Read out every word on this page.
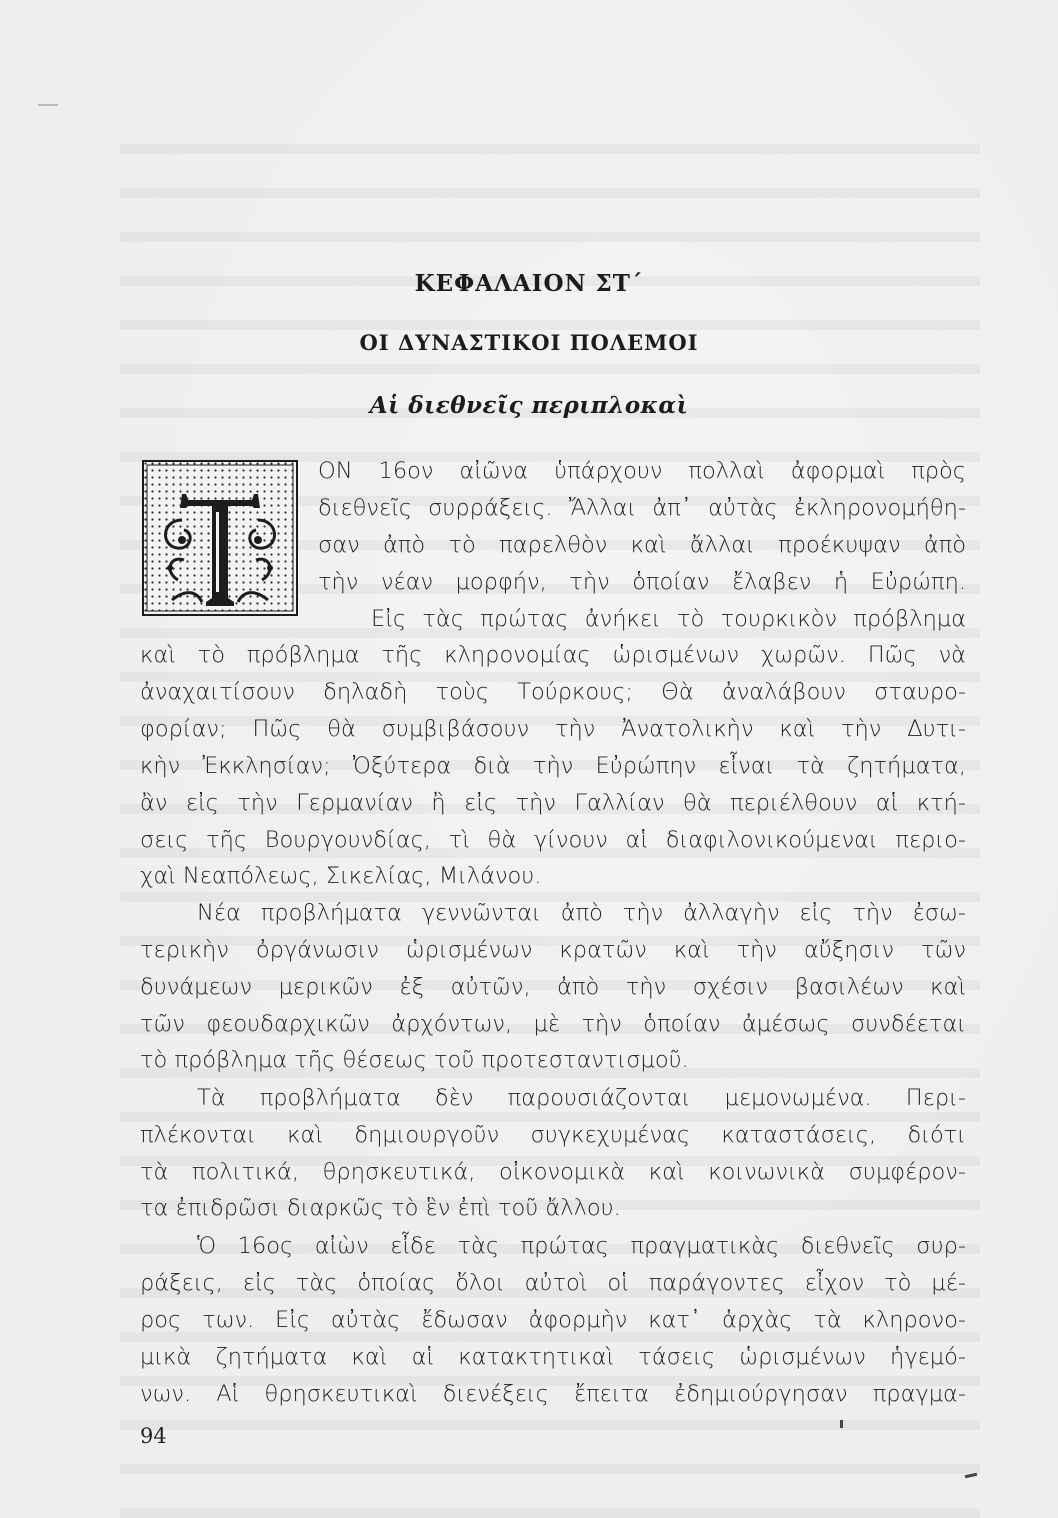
ΚΕΦΑΛΑΙΟΝ ΣΤ΄
ΟΙ ΔΥΝΑΣΤΙΚΟΙ ΠΟΛΕΜΟΙ
Αἱ διεθνεῖς περιπλοκαὶ
ΟΝ 16ον αἰῶνα ὑπάρχουν πολλαὶ ἀφορμαὶ πρὸς
διεθνεῖς συρράξεις. Ἄλλαι ἀπ᾿ αὐτὰς ἐκληρονομήθη-
σαν ἀπὸ τὸ παρελθὸν καὶ ἄλλαι προέκυψαν ἀπὸ
τὴν νέαν μορφήν, τὴν ὁποίαν ἔλαβεν ἡ Εὐρώπη.
Εἰς τὰς πρώτας ἀνήκει τὸ τουρκικὸν πρόβλημα
καὶ τὸ πρόβλημα τῆς κληρονομίας ὡρισμένων χωρῶν. Πῶς νὰ
ἀναχαιτίσουν δηλαδὴ τοὺς Τούρκους; Θὰ ἀναλάβουν σταυρο-
φορίαν; Πῶς θὰ συμβιβάσουν τὴν Ἀνατολικὴν καὶ τὴν Δυτι-
κὴν Ἐκκλησίαν; Ὀξύτερα διὰ τὴν Εὐρώπην εἶναι τὰ ζητήματα,
ἂν εἰς τὴν Γερμανίαν ἢ εἰς τὴν Γαλλίαν θὰ περιέλθουν αἱ κτή-
σεις τῆς Βουργουνδίας, τὶ θὰ γίνουν αἱ διαφιλονικούμεναι περιο-
χαὶ Νεαπόλεως, Σικελίας, Μιλάνου.
Νέα προβλήματα γεννῶνται ἀπὸ τὴν ἀλλαγὴν εἰς τὴν ἐσω-
τερικὴν ὀργάνωσιν ὡρισμένων κρατῶν καὶ τὴν αὔξησιν τῶν
δυνάμεων μερικῶν ἐξ αὐτῶν, ἀπὸ τὴν σχέσιν βασιλέων καὶ
τῶν φεουδαρχικῶν ἀρχόντων, μὲ τὴν ὁποίαν ἀμέσως συνδέεται
τὸ πρόβλημα τῆς θέσεως τοῦ προτεσταντισμοῦ.
Τὰ προβλήματα δὲν παρουσιάζονται μεμονωμένα. Περι-
πλέκονται καὶ δημιουργοῦν συγκεχυμένας καταστάσεις, διότι
τὰ πολιτικά, θρησκευτικά, οἰκονομικὰ καὶ κοινωνικὰ συμφέρον-
τα ἐπιδρῶσι διαρκῶς τὸ ἓν ἐπὶ τοῦ ἄλλου.
Ὁ 16ος αἰὼν εἶδε τὰς πρώτας πραγματικὰς διεθνεῖς συρ-
ράξεις, εἰς τὰς ὁποίας ὅλοι αὐτοὶ οἱ παράγοντες εἶχον τὸ μέ-
ρος των. Εἰς αὐτὰς ἔδωσαν ἀφορμὴν κατ᾿ ἀρχὰς τὰ κληρονο-
μικὰ ζητήματα καὶ αἱ κατακτητικαὶ τάσεις ὡρισμένων ἡγεμό-
νων. Αἱ θρησκευτικαὶ διενέξεις ἔπειτα ἐδημιούργησαν πραγμα-
94
